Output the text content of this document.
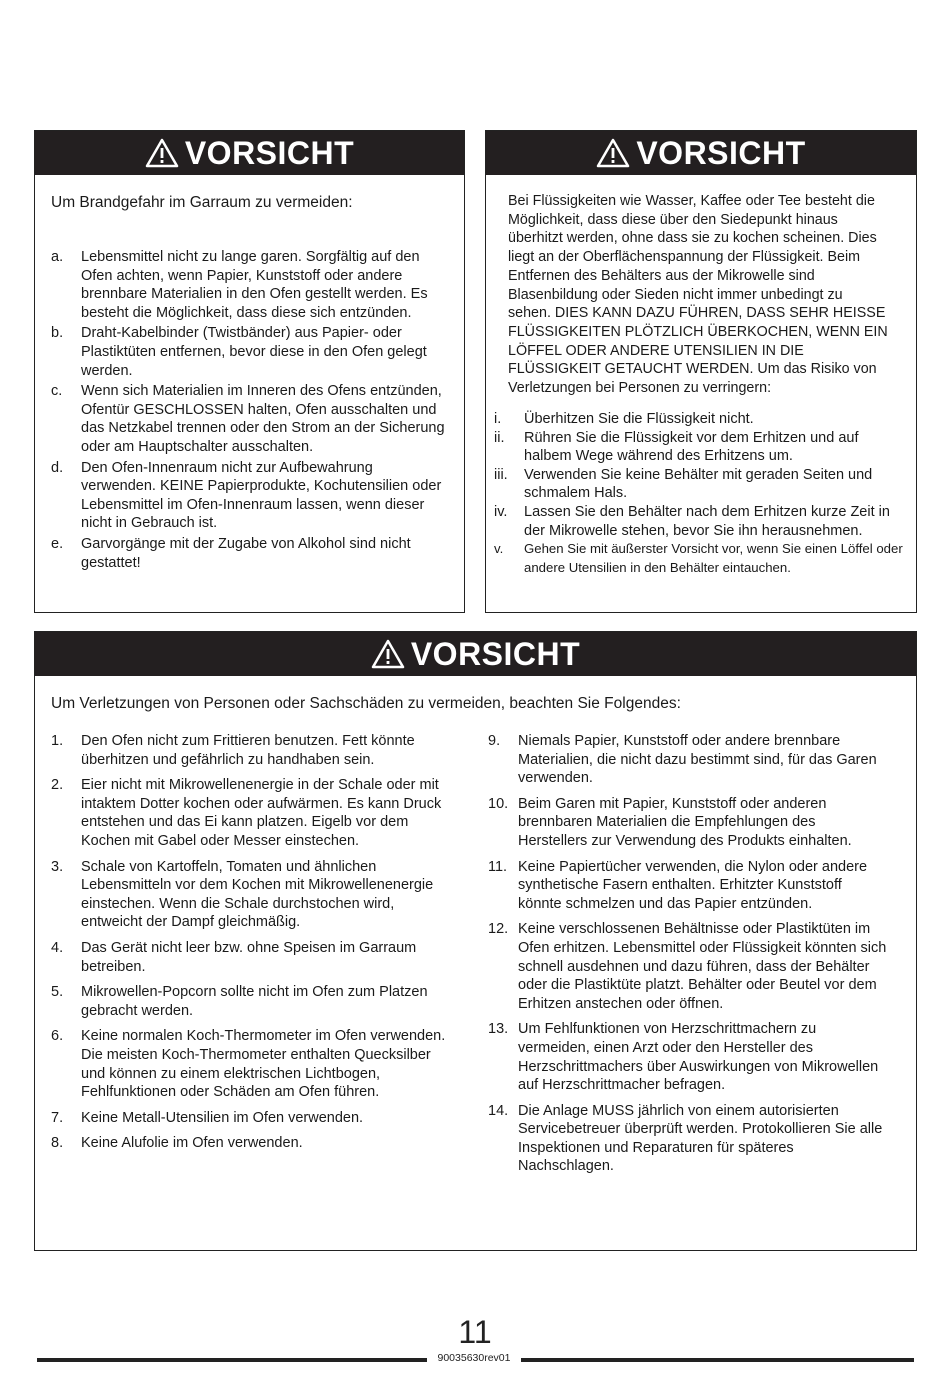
VORSICHT
Um Brandgefahr im Garraum zu vermeiden:
a. Lebensmittel nicht zu lange garen. Sorgfältig auf den Ofen achten, wenn Papier, Kunststoff oder andere brennbare Materialien in den Ofen gestellt werden. Es besteht die Möglichkeit, dass diese sich entzünden.
b. Draht-Kabelbinder (Twistbänder) aus Papier- oder Plastiktüten entfernen, bevor diese in den Ofen gelegt werden.
c. Wenn sich Materialien im Inneren des Ofens entzünden, Ofentür GESCHLOSSEN halten, Ofen ausschalten und das Netzkabel trennen oder den Strom an der Sicherung oder am Hauptschalter ausschalten.
d. Den Ofen-Innenraum nicht zur Aufbewahrung verwenden. KEINE Papierprodukte, Kochutensilien oder Lebensmittel im Ofen-Innenraum lassen, wenn dieser nicht in Gebrauch ist.
e. Garvorgänge mit der Zugabe von Alkohol sind nicht gestattet!
VORSICHT
Bei Flüssigkeiten wie Wasser, Kaffee oder Tee besteht die Möglichkeit, dass diese über den Siedepunkt hinaus überhitzt werden, ohne dass sie zu kochen scheinen. Dies liegt an der Oberflächenspannung der Flüssigkeit. Beim Entfernen des Behälters aus der Mikrowelle sind Blasenbildung oder Sieden nicht immer unbedingt zu sehen. DIES KANN DAZU FÜHREN, DASS SEHR HEISSE FLÜSSIGKEITEN PLÖTZLICH ÜBERKOCHEN, WENN EIN LÖFFEL ODER ANDERE UTENSILIEN IN DIE FLÜSSIGKEIT GETAUCHT WERDEN. Um das Risiko von Verletzungen bei Personen zu verringern:
i. Überhitzen Sie die Flüssigkeit nicht.
ii. Rühren Sie die Flüssigkeit vor dem Erhitzen und auf halbem Wege während des Erhitzens um.
iii. Verwenden Sie keine Behälter mit geraden Seiten und schmalem Hals.
iv. Lassen Sie den Behälter nach dem Erhitzen kurze Zeit in der Mikrowelle stehen, bevor Sie ihn herausnehmen.
v. Gehen Sie mit äußerster Vorsicht vor, wenn Sie einen Löffel oder andere Utensilien in den Behälter eintauchen.
VORSICHT
Um Verletzungen von Personen oder Sachschäden zu vermeiden, beachten Sie Folgendes:
1. Den Ofen nicht zum Frittieren benutzen. Fett könnte überhitzen und gefährlich zu handhaben sein.
2. Eier nicht mit Mikrowellenenergie in der Schale oder mit intaktem Dotter kochen oder aufwärmen. Es kann Druck entstehen und das Ei kann platzen. Eigelb vor dem Kochen mit Gabel oder Messer einstechen.
3. Schale von Kartoffeln, Tomaten und ähnlichen Lebensmitteln vor dem Kochen mit Mikrowellenenergie einstechen. Wenn die Schale durchstochen wird, entweicht der Dampf gleichmäßig.
4. Das Gerät nicht leer bzw. ohne Speisen im Garraum betreiben.
5. Mikrowellen-Popcorn sollte nicht im Ofen zum Platzen gebracht werden.
6. Keine normalen Koch-Thermometer im Ofen verwenden. Die meisten Koch-Thermometer enthalten Quecksilber und können zu einem elektrischen Lichtbogen, Fehlfunktionen oder Schäden am Ofen führen.
7. Keine Metall-Utensilien im Ofen verwenden.
8. Keine Alufolie im Ofen verwenden.
9. Niemals Papier, Kunststoff oder andere brennbare Materialien, die nicht dazu bestimmt sind, für das Garen verwenden.
10. Beim Garen mit Papier, Kunststoff oder anderen brennbaren Materialien die Empfehlungen des Herstellers zur Verwendung des Produkts einhalten.
11. Keine Papiertücher verwenden, die Nylon oder andere synthetische Fasern enthalten. Erhitzter Kunststoff könnte schmelzen und das Papier entzünden.
12. Keine verschlossenen Behältnisse oder Plastiktüten im Ofen erhitzen. Lebensmittel oder Flüssigkeit könnten sich schnell ausdehnen und dazu führen, dass der Behälter oder die Plastiktüte platzt. Behälter oder Beutel vor dem Erhitzen anstechen oder öffnen.
13. Um Fehlfunktionen von Herzschrittmachern zu vermeiden, einen Arzt oder den Hersteller des Herzschrittmachers über Auswirkungen von Mikrowellen auf Herzschrittmacher befragen.
14. Die Anlage MUSS jährlich von einem autorisierten Servicebetreuer überprüft werden. Protokollieren Sie alle Inspektionen und Reparaturen für späteres Nachschlagen.
11
90035630rev01
